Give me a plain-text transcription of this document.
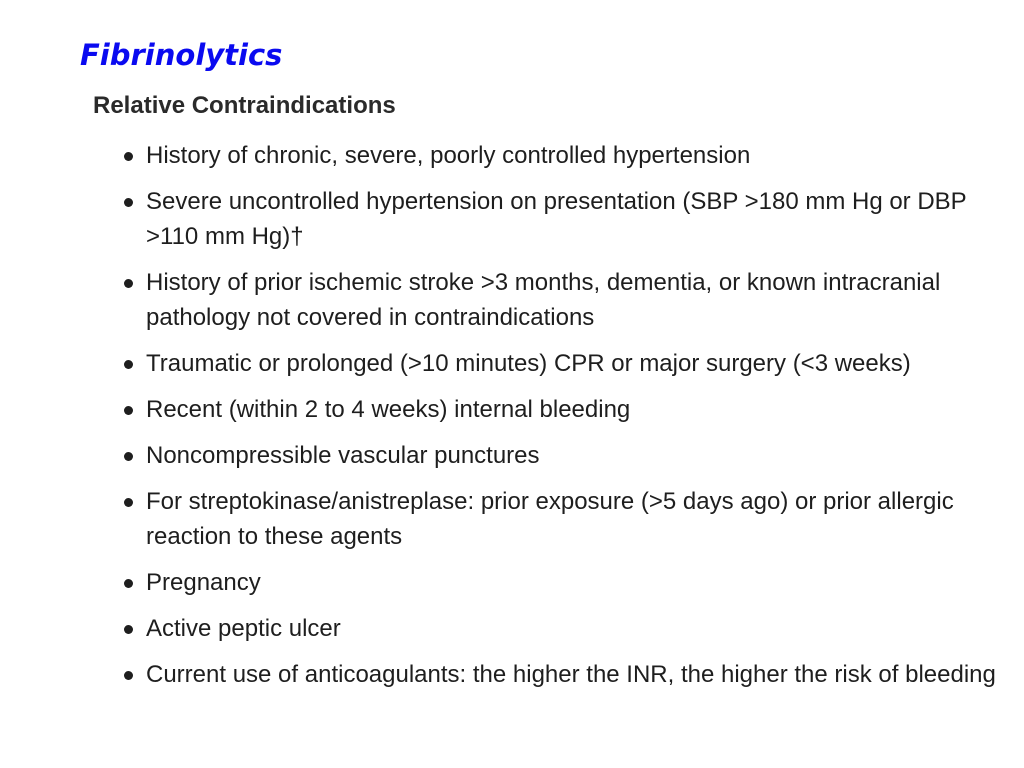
Fibrinolytics
Relative Contraindications
History of chronic, severe, poorly controlled hypertension
Severe uncontrolled hypertension on presentation (SBP >180 mm Hg or DBP >110 mm Hg)†
History of prior ischemic stroke >3 months, dementia, or known intracranial pathology not covered in contraindications
Traumatic or prolonged (>10 minutes) CPR or major surgery (<3 weeks)
Recent (within 2 to 4 weeks) internal bleeding
Noncompressible vascular punctures
For streptokinase/anistreplase: prior exposure (>5 days ago) or prior allergic reaction to these agents
Pregnancy
Active peptic ulcer
Current use of anticoagulants: the higher the INR, the higher the risk of bleeding
